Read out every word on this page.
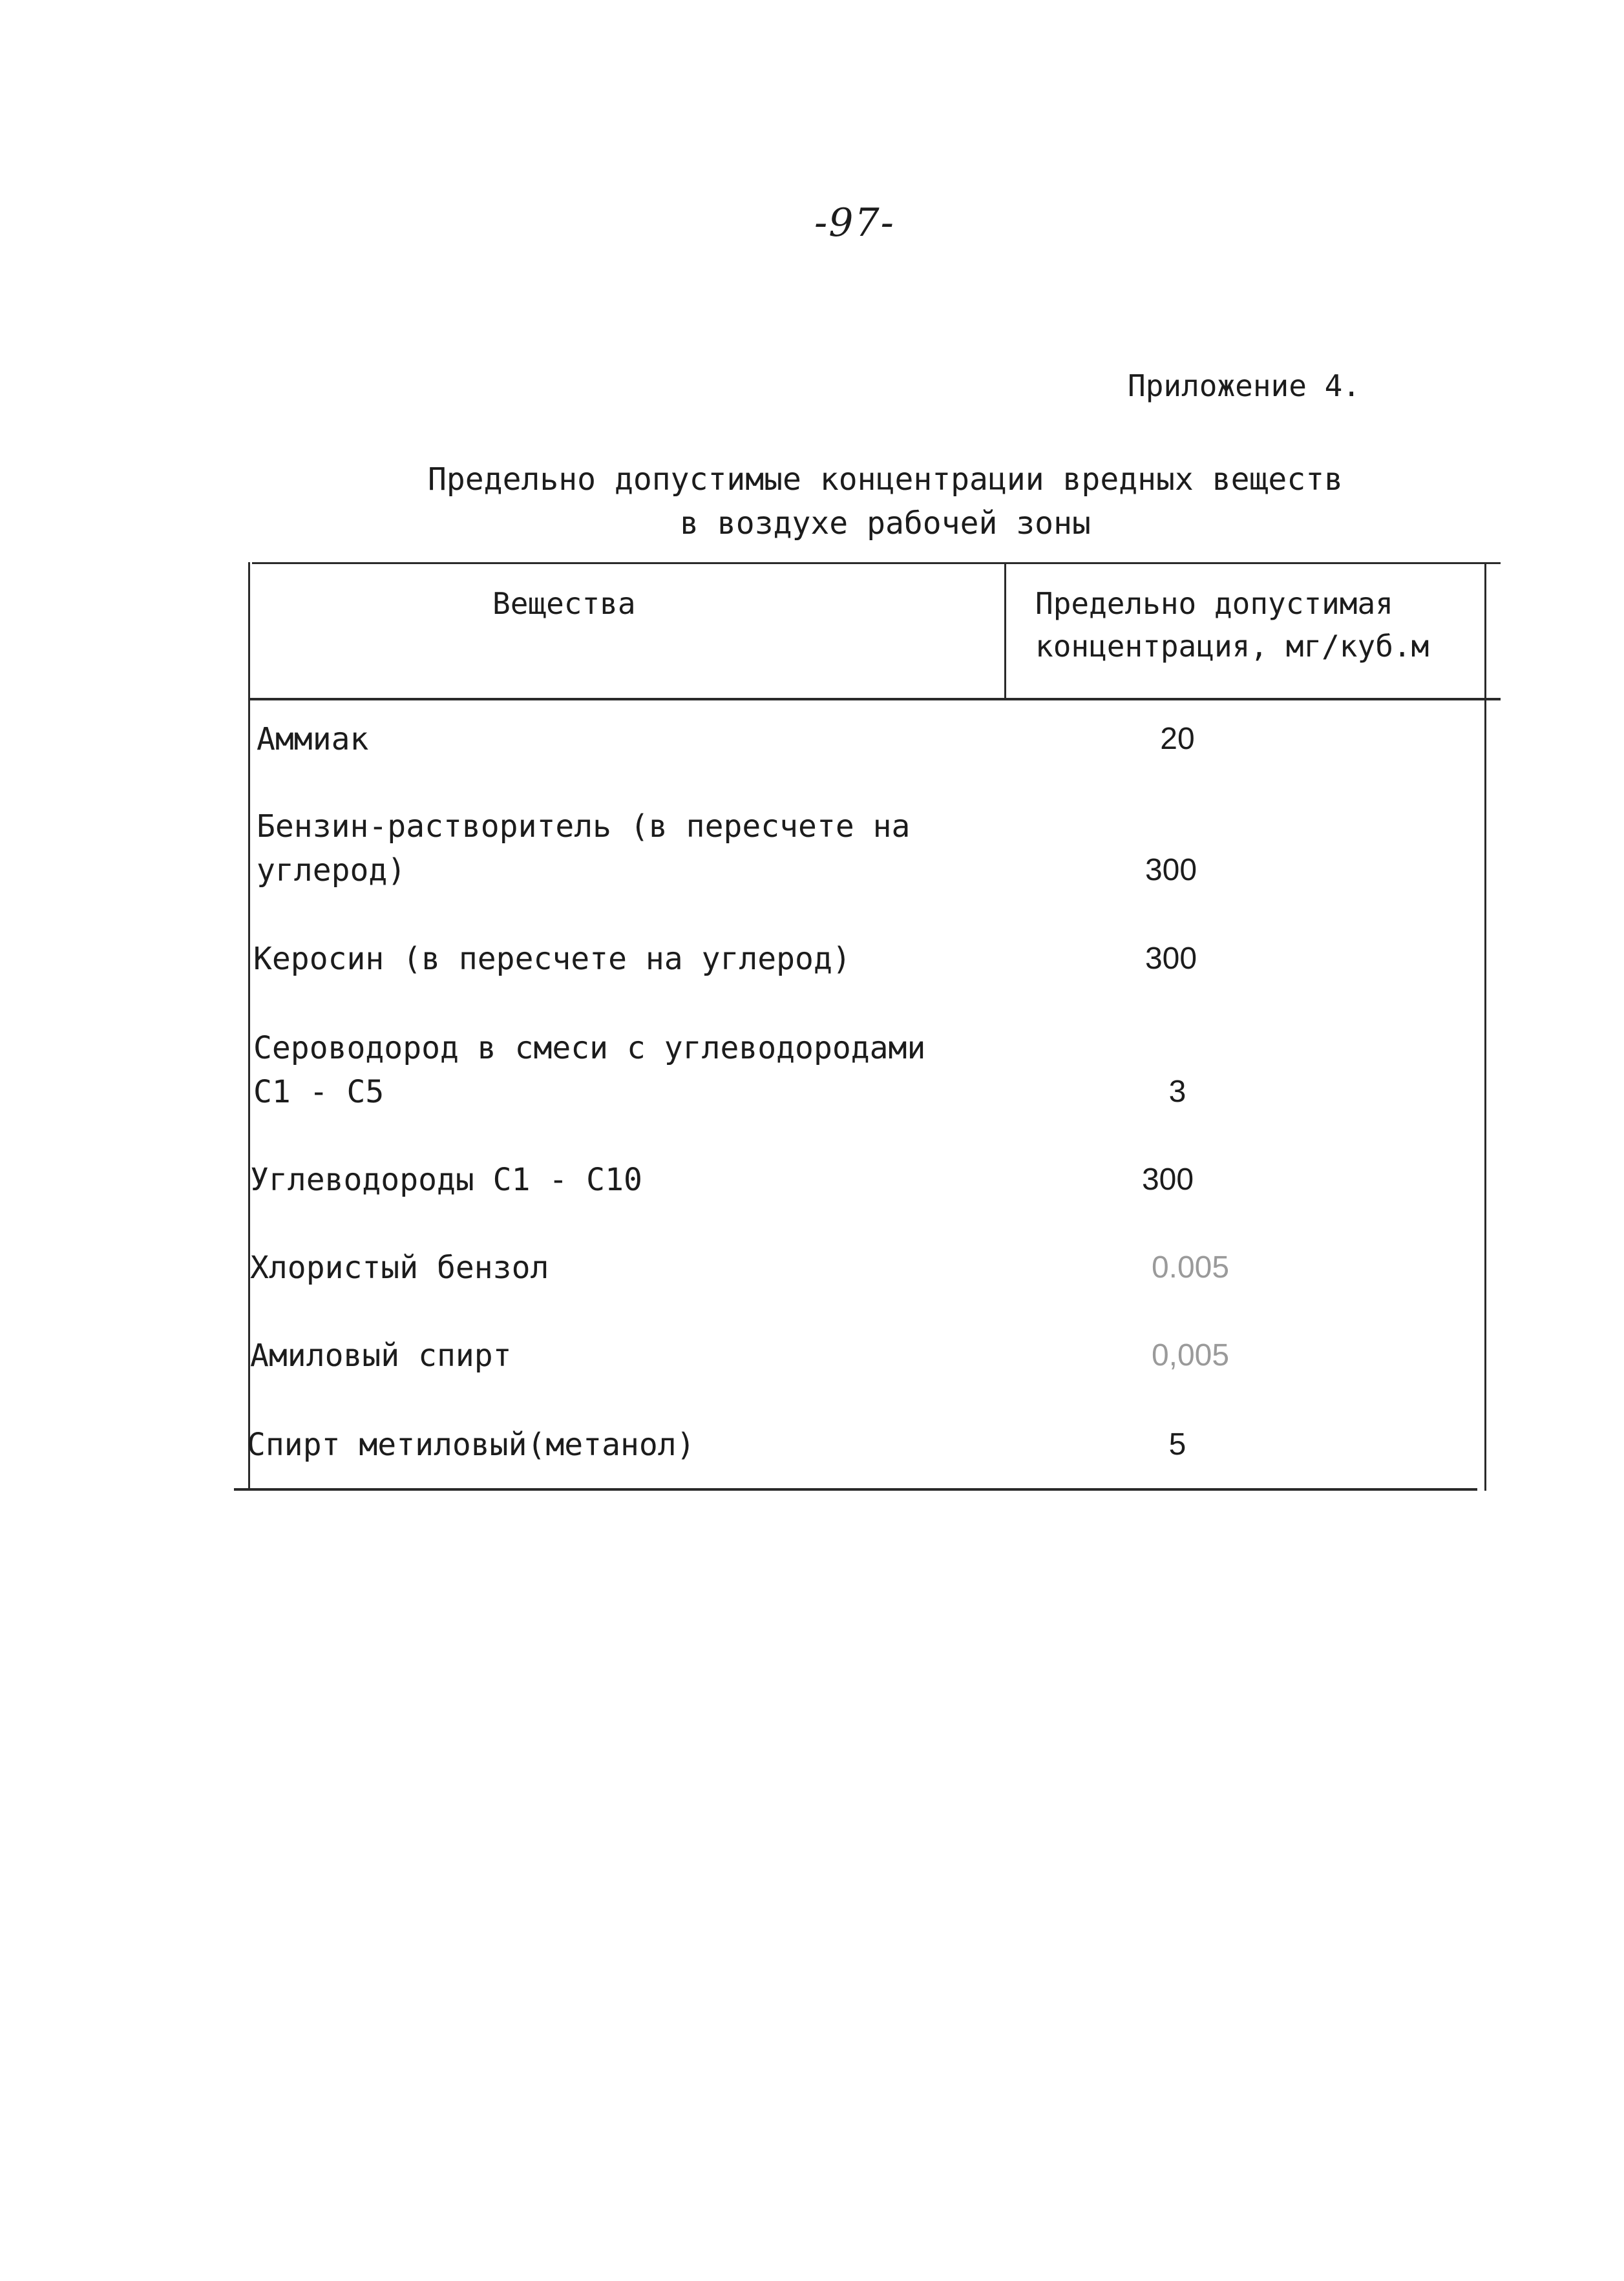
-97-
Приложение 4.
Предельно допустимые концентрации вредных веществ
в воздухе рабочей зоны
Вещества	Предельно допустимая
концентрация, мг/куб.м
Аммиак	20
Бензин-растворитель (в пересчете на
углерод)	300
Керосин (в пересчете на углерод)	300
Сероводород в смеси с углеводородами
С1 - С5	3
Углеводороды С1 - С10	300
Хлористый бензол	0.005
Амиловый спирт	0,005
Спирт метиловый(метанол)	5
